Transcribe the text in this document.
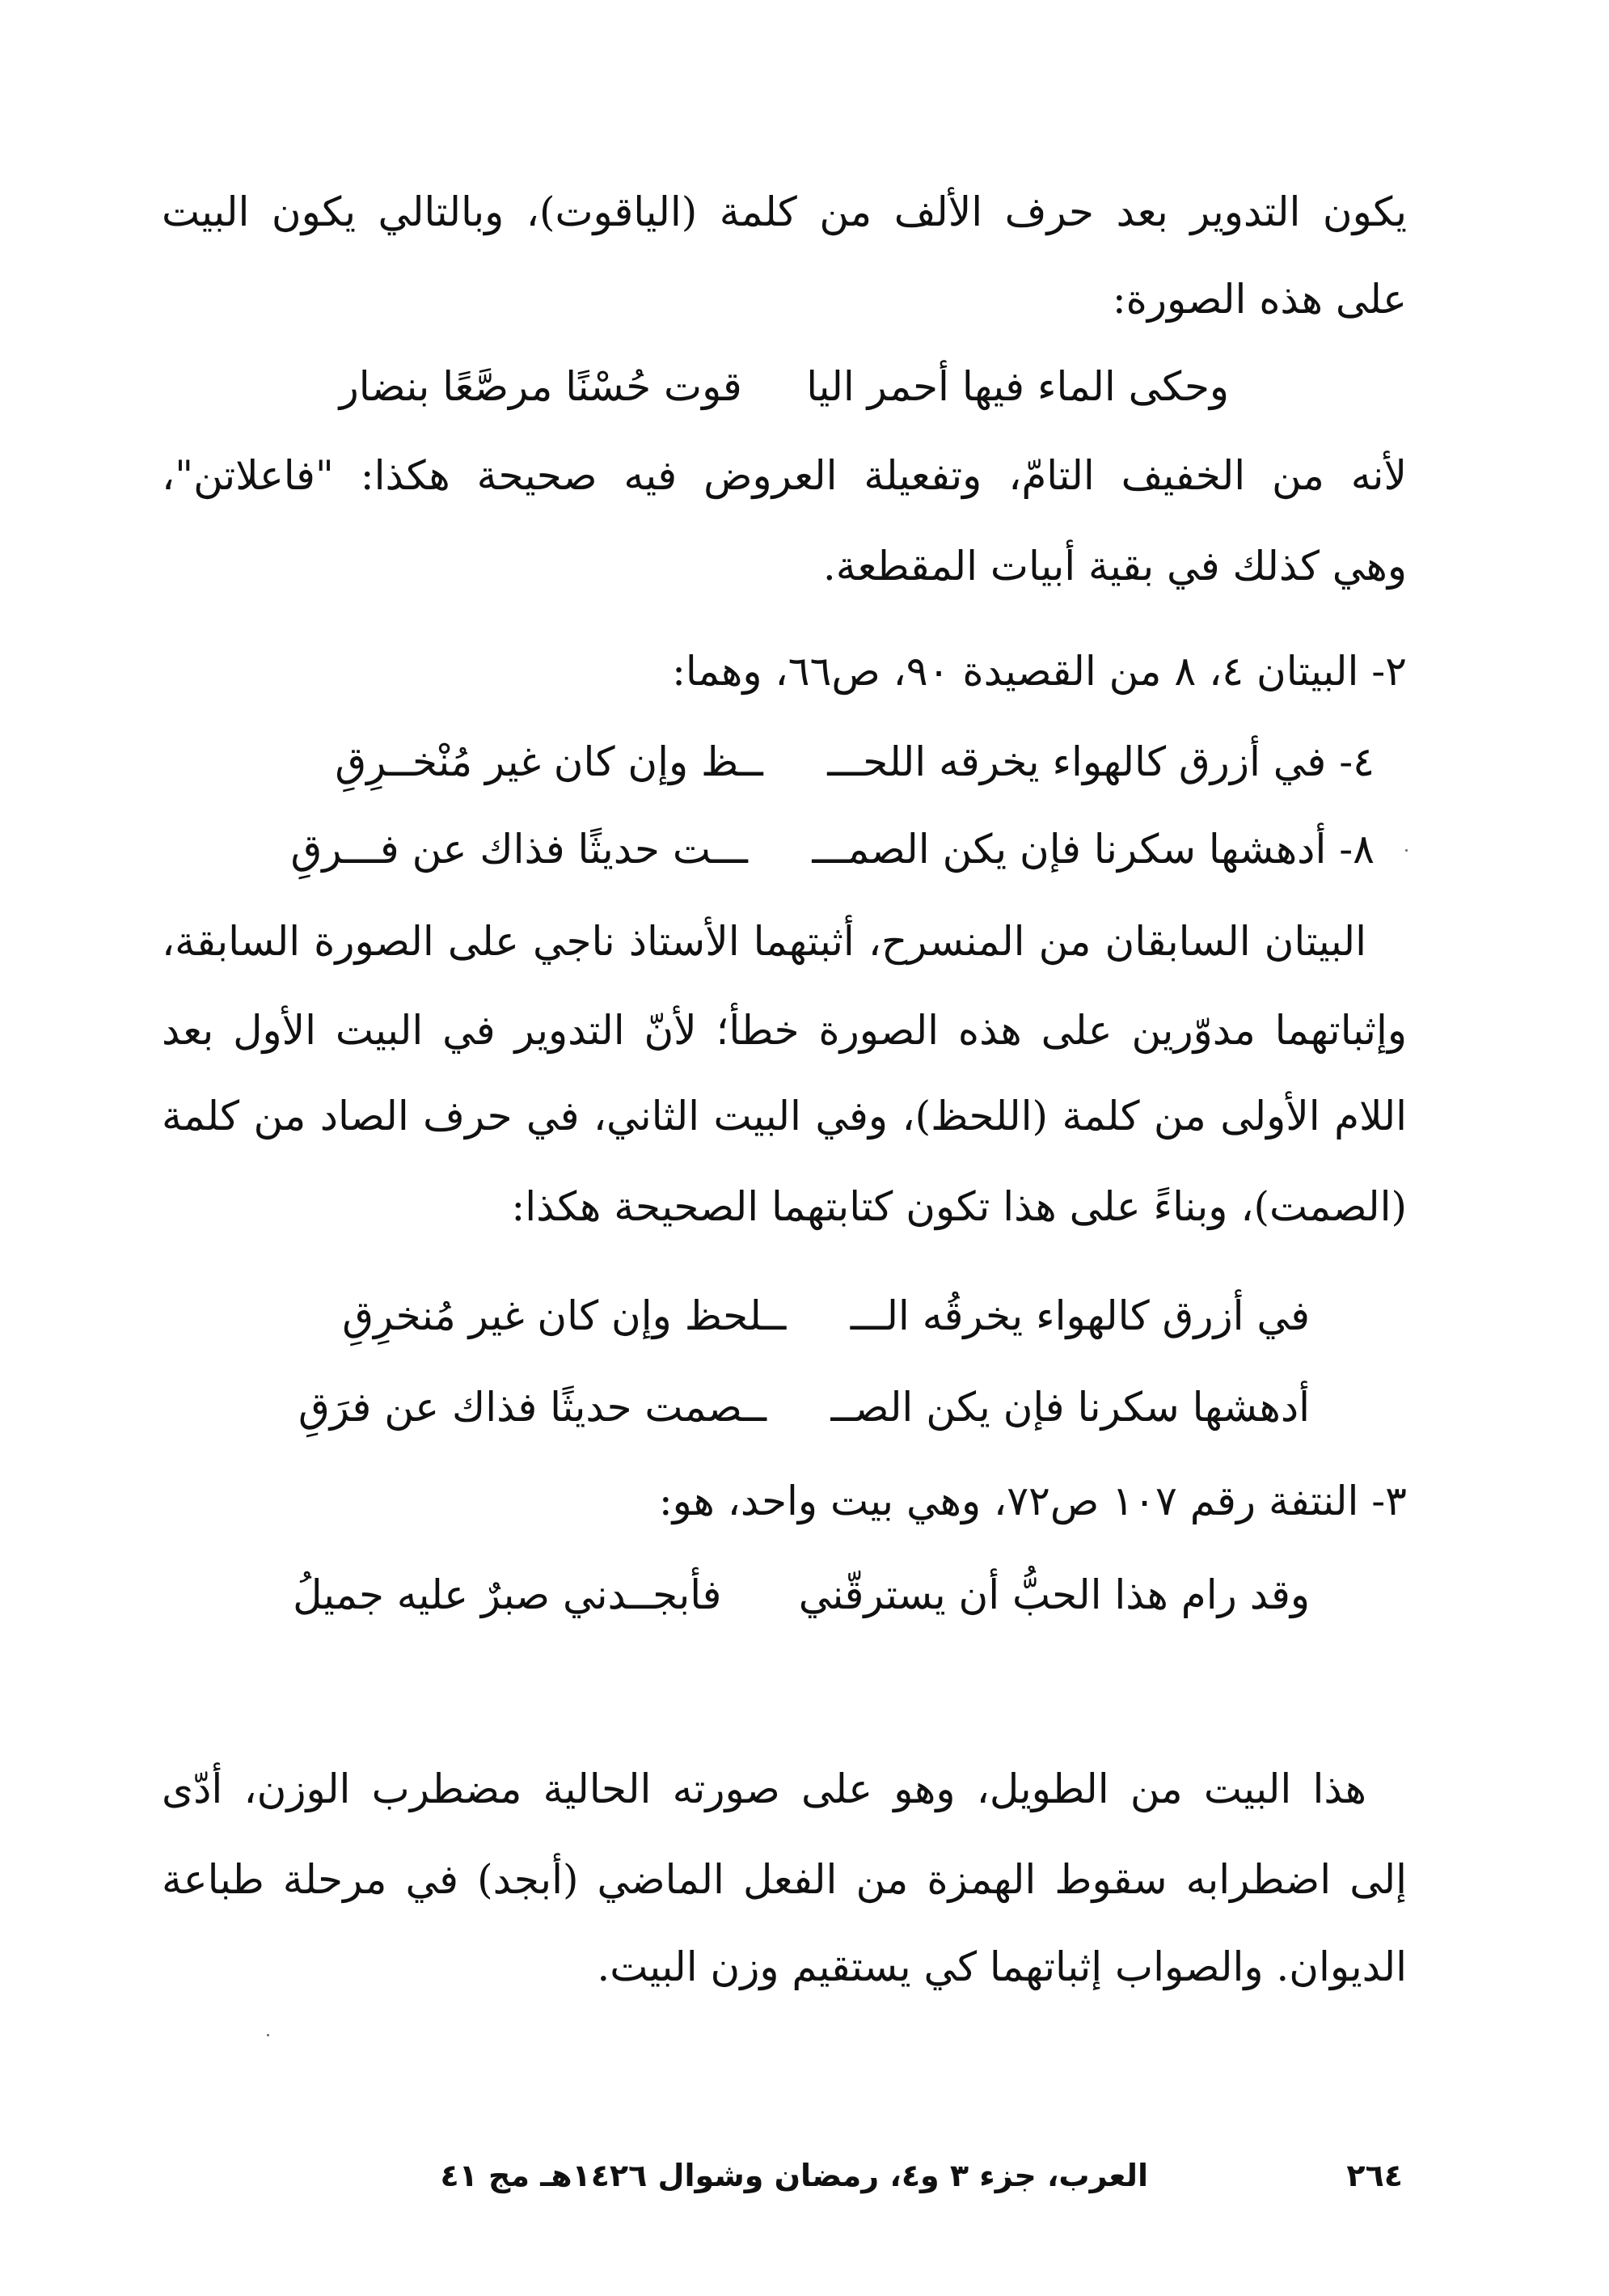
يكون التدوير بعد حرف الألف من كلمة (الياقوت)، وبالتالي يكون البيت
على هذه الصورة:
وحكى الماء فيها أحمر اليا     قوت حُسْنًا مرصَّعًا بنضار
لأنه من الخفيف التامّ، وتفعيلة العروض فيه صحيحة هكذا: "فاعلاتن"،
وهي كذلك في بقية أبيات المقطعة.
٢- البيتان ٤، ٨ من القصيدة ٩٠، ص٦٦، وهما:
٤- في أزرق كالهواء يخرقه اللحـــ     ــظ وإن كان غير مُنْخــرِقِ
٨- أدهشها سكرنا فإن يكن الصمـــ     ـــت حديثًا فذاك عن فـــرقِ
البيتان السابقان من المنسرح، أثبتهما الأستاذ ناجي على الصورة السابقة،
وإثباتهما مدوّرين على هذه الصورة خطأ؛ لأنّ التدوير في البيت الأول بعد
اللام الأولى من كلمة (اللحظ)، وفي البيت الثاني، في حرف الصاد من كلمة
(الصمت)، وبناءً على هذا تكون كتابتهما الصحيحة هكذا:
في أزرق كالهواء يخرقُه الـــ     ــلحظ وإن كان غير مُنخرِقِ
أدهشها سكرنا فإن يكن الصــ     ــصمت حديثًا فذاك عن فرَقِ
٣- النتفة رقم ١٠٧ ص٧٢، وهي بيت واحد، هو:
وقد رام هذا الحبُّ أن يسترقّني      فأبجــدني صبرٌ عليه جميلُ
هذا البيت من الطويل، وهو على صورته الحالية مضطرب الوزن، أدّى
إلى اضطرابه سقوط الهمزة من الفعل الماضي (أبجد) في مرحلة طباعة
الديوان. والصواب إثباتهما كي يستقيم وزن البيت.
٢٦٤
العرب، جزء ٣ و٤، رمضان وشوال ١٤٢٦هـ مج ٤١
